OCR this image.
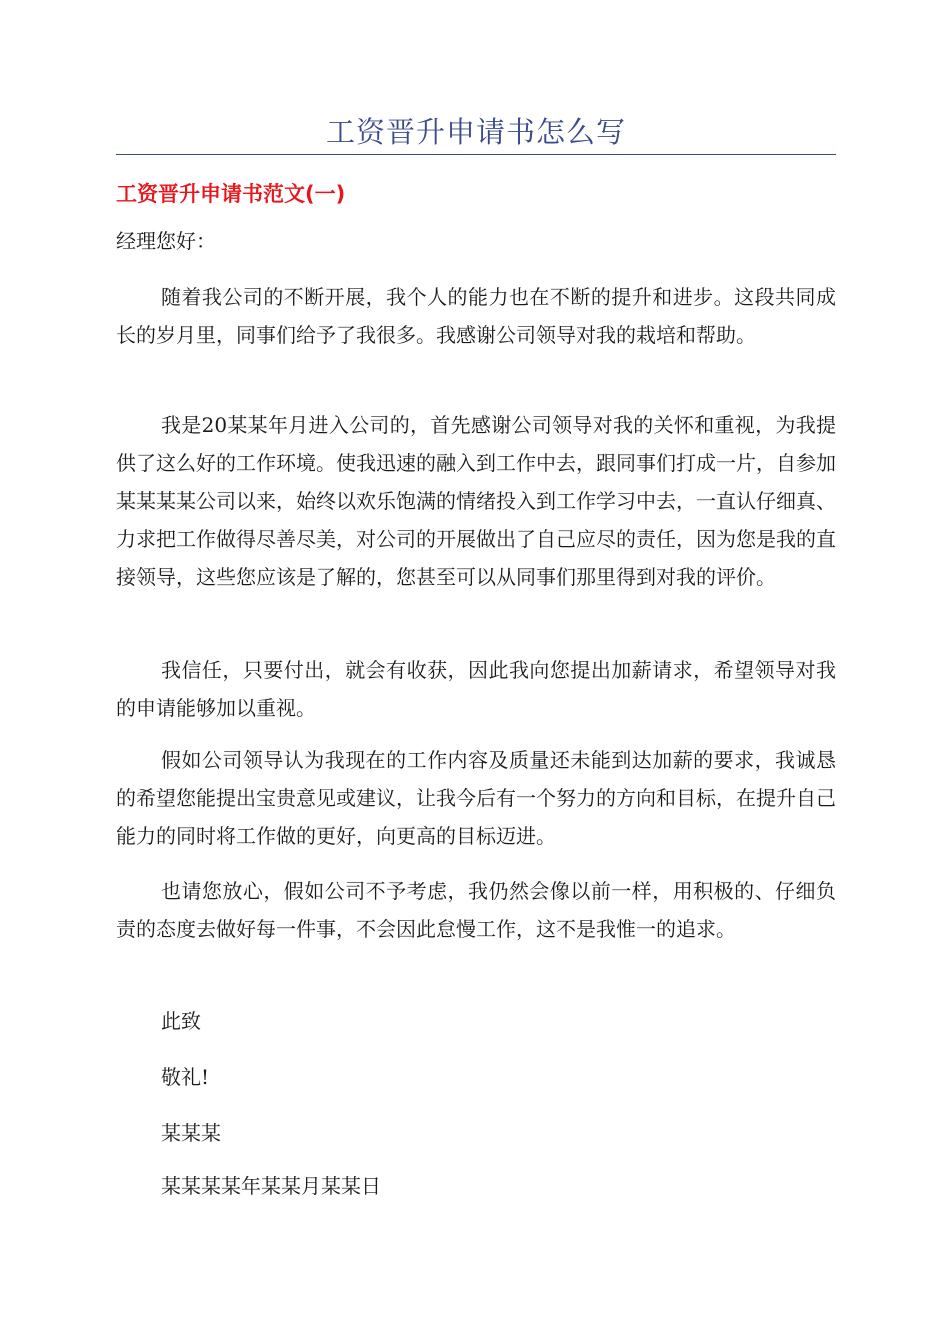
工资晋升申请书怎么写
工资晋升申请书范文(一)

经理您好：

随着我公司的不断开展，我个人的能力也在不断的提升和进步。这段共同成长的岁月里，同事们给予了我很多。我感谢公司领导对我的栽培和帮助。

我是20某某年月进入公司的，首先感谢公司领导对我的关怀和重视，为我提供了这么好的工作环境。使我迅速的融入到工作中去，跟同事们打成一片，自参加某某某某公司以来，始终以欢乐饱满的情绪投入到工作学习中去，一直认仔细真、力求把工作做得尽善尽美，对公司的开展做出了自己应尽的责任，因为您是我的直接领导，这些您应该是了解的，您甚至可以从同事们那里得到对我的评价。

我信任，只要付出，就会有收获，因此我向您提出加薪请求，希望领导对我的申请能够加以重视。

假如公司领导认为我现在的工作内容及质量还未能到达加薪的要求，我诚恳的希望您能提出宝贵意见或建议，让我今后有一个努力的方向和目标，在提升自己能力的同时将工作做的更好，向更高的目标迈进。

也请您放心，假如公司不予考虑，我仍然会像以前一样，用积极的、仔细负责的态度去做好每一件事，不会因此怠慢工作，这不是我惟一的追求。

此致

敬礼!

某某某

某某某某年某某月某某日
